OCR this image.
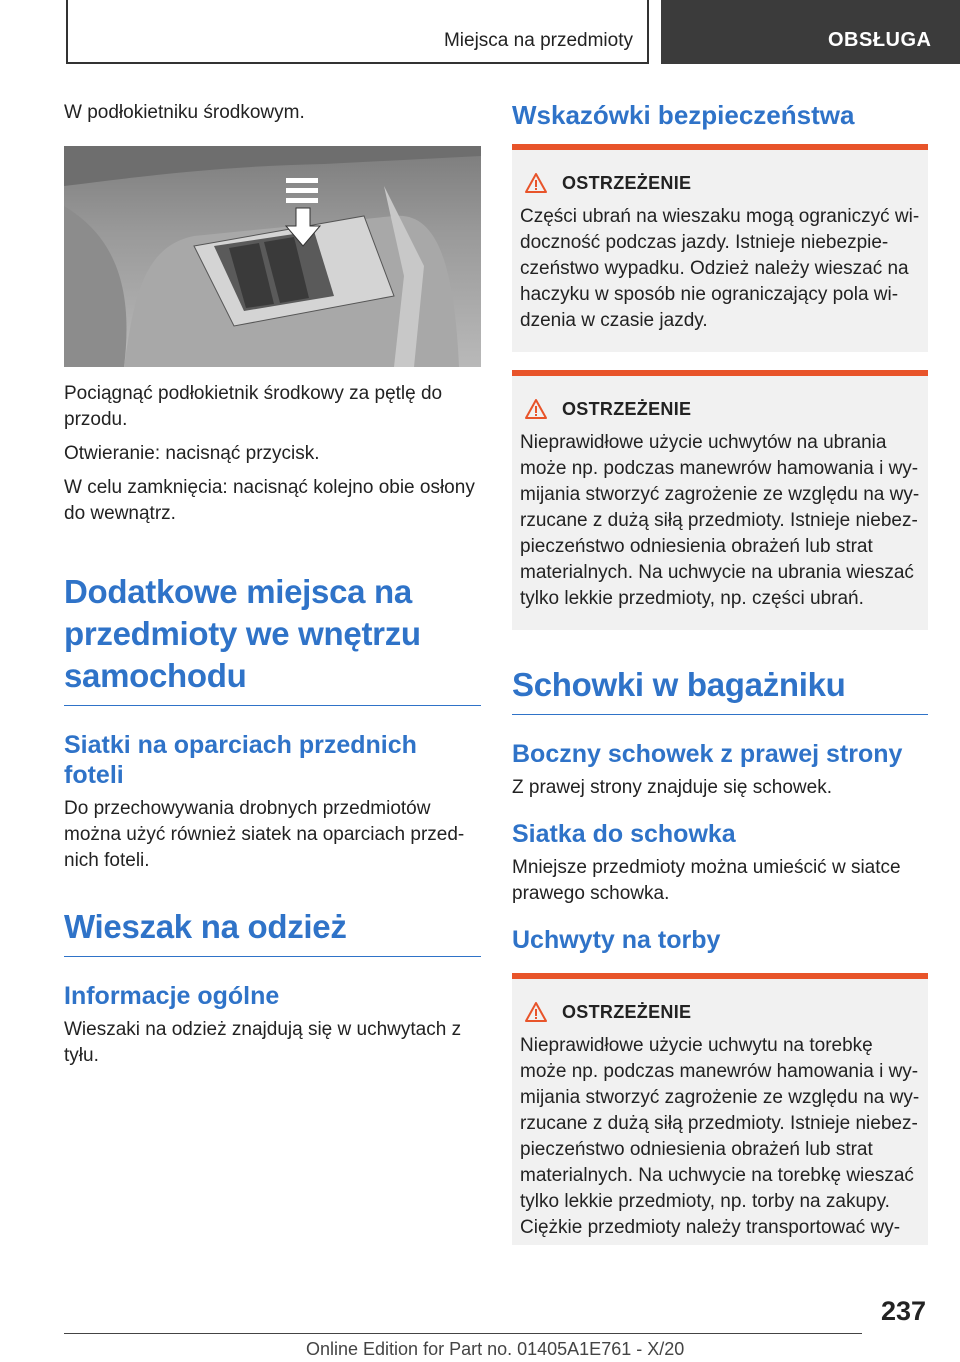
Miejsca na przedmioty	OBSŁUGA

W podłokietniku środkowym.

Pociągnąć podłokietnik środkowy za pętlę do przodu.

Otwieranie: nacisnąć przycisk.

W celu zamknięcia: nacisnąć kolejno obie osłony do wewnątrz.

Dodatkowe miejsca na przedmioty we wnętrzu samochodu
Siatki na oparciach przednich foteli

Do przechowywania drobnych przedmiotów można użyć również siatek na oparciach przednich foteli.

Wieszak na odzież
Informacje ogólne

Wieszaki na odzież znajdują się w uchwytach z tyłu.

Wskazówki bezpieczeństwa
OSTRZEŻENIE

Części ubrań na wieszaku mogą ograniczyć widoczność podczas jazdy. Istnieje niebezpieczeństwo wypadku. Odzież należy wieszać na haczyku w sposób nie ograniczający pola widzenia w czasie jazdy.

OSTRZEŻENIE

Nieprawidłowe użycie uchwytów na ubrania może np. podczas manewrów hamowania i wymijania stworzyć zagrożenie ze względu na wyrzucane z dużą siłą przedmioty. Istnieje niebezpieczeństwo odniesienia obrażeń lub strat materialnych. Na uchwycie na ubrania wieszać tylko lekkie przedmioty, np. części ubrań.

Schowki w bagażniku
Boczny schowek z prawej strony

Z prawej strony znajduje się schowek.

Siatka do schowka

Mniejsze przedmioty można umieścić w siatce prawego schowka.

Uchwyty na torby
OSTRZEŻENIE

Nieprawidłowe użycie uchwytu na torebkę może np. podczas manewrów hamowania i wymijania stworzyć zagrożenie ze względu na wyrzucane z dużą siłą przedmioty. Istnieje niebezpieczeństwo odniesienia obrażeń lub strat materialnych. Na uchwycie na torebkę wieszać tylko lekkie przedmioty, np. torby na zakupy. Ciężkie przedmioty należy transportować wy-

237
Online Edition for Part no. 01405A1E761 - X/20
